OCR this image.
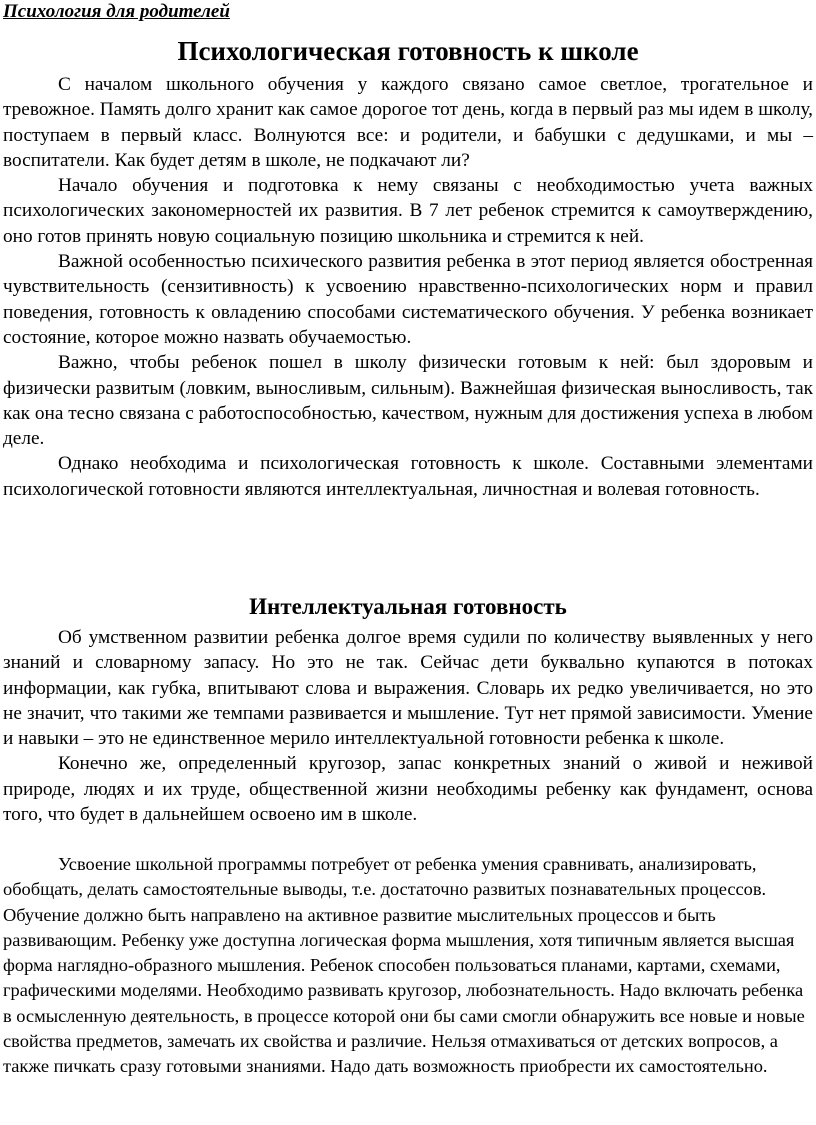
Психология для родителей
Психологическая готовность к школе

С началом школьного обучения у каждого связано самое светлое, трогательное и тревожное. Память долго хранит как самое дорогое тот день, когда в первый раз мы идем в школу, поступаем в первый класс. Волнуются все: и родители, и бабушки с дедушками, и мы – воспитатели. Как будет детям в школе, не подкачают ли?

Начало обучения и подготовка к нему связаны с необходимостью учета важных психологических закономерностей их развития. В 7 лет ребенок стремится к самоутверждению, оно готов принять новую социальную позицию школьника и стремится к ней.

Важной особенностью психического развития ребенка в этот период является обостренная чувствительность (сензитивность) к усвоению нравственно-психологических норм и правил поведения, готовность к овладению способами систематического обучения. У ребенка возникает состояние, которое можно назвать обучаемостью.

Важно, чтобы ребенок пошел в школу физически готовым к ней: был здоровым и физически развитым (ловким, выносливым, сильным). Важнейшая физическая выносливость, так как она тесно связана с работоспособностью, качеством, нужным для достижения успеха в любом деле.

Однако необходима и психологическая готовность к школе. Составными элементами психологической готовности являются интеллектуальная, личностная и волевая готовность.

Интеллектуальная готовность

Об умственном развитии ребенка долгое время судили по количеству выявленных у него знаний и словарному запасу. Но это не так. Сейчас дети буквально купаются в потоках информации, как губка, впитывают слова и выражения. Словарь их редко увеличивается, но это не значит, что такими же темпами развивается и мышление. Тут нет прямой зависимости. Умение и навыки – это не единственное мерило интеллектуальной готовности ребенка к школе.

Конечно же, определенный кругозор, запас конкретных знаний о живой и неживой природе, людях и их труде, общественной жизни необходимы ребенку как фундамент, основа того, что будет в дальнейшем освоено им в школе.

Усвоение школьной программы потребует от ребенка умения сравнивать, анализировать, обобщать, делать самостоятельные выводы, т.е. достаточно развитых познавательных процессов. Обучение должно быть направлено на активное развитие мыслительных процессов и быть развивающим. Ребенку уже доступна логическая форма мышления, хотя типичным является высшая форма наглядно-образного мышления. Ребенок способен пользоваться планами, картами, схемами, графическими моделями. Необходимо развивать кругозор, любознательность. Надо включать ребенка в осмысленную деятельность, в процессе которой они бы сами смогли обнаружить все новые и новые свойства предметов, замечать их свойства и различие. Нельзя отмахиваться от детских вопросов, а также пичкать сразу готовыми знаниями. Надо дать возможность приобрести их самостоятельно.
